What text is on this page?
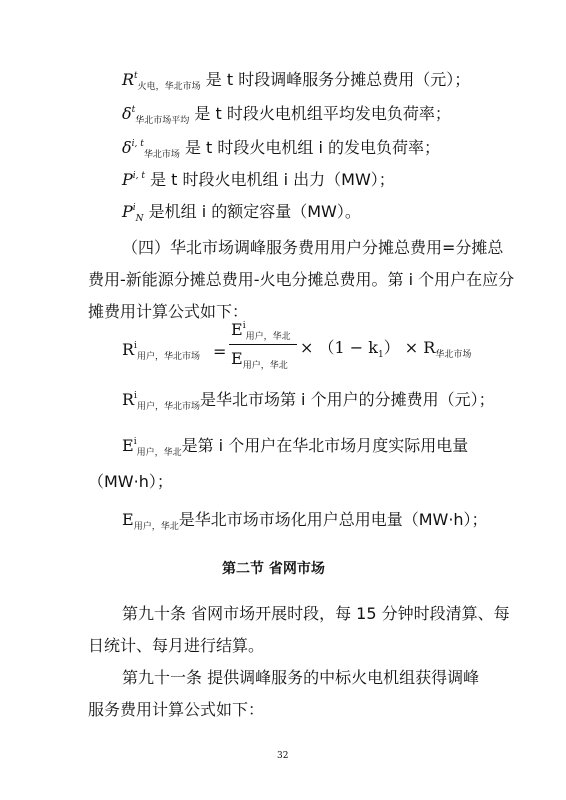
$R^t_{火电,华北市场}$ 是 t 时段调峰服务分摊总费用（元）；
$\delta^t_{华北市场平均}$ 是 t 时段火电机组平均发电负荷率；
$\delta^{i, t}_{华北市场}$ 是 t 时段火电机组 i 的发电负荷率；
P$^{i, t}$ 是 t 时段火电机组 i 出力（MW）；
$P^i_N$ 是机组 i 的额定容量（MW）。
（四）华北市场调峰服务费用用户分摊总费用=分摊总
费用-新能源分摊总费用-火电分摊总费用。第 i 个用户在应分
摊费用计算公式如下：
$R^i_{用户,华北市场}$ =
$E^i_{用户,华北}$
$E_{用户,华北}$
× $(1 - k_1) \times R_{华北市场}$
$R^i_{用户,华北市场}$是华北市场第 i 个用户的分摊费用（元）；
$E^i_{用户,华北}$是第 i 个用户在华北市场月度实际用电量
（MW·h）；
$E_{用户,华北}$是华北市场市场化用户总用电量（MW·h）；
第二节 省网市场
第九十条 省网市场开展时段，每 15 分钟时段清算、每
日统计、每月进行结算。
第九十一条 提供调峰服务的中标火电机组获得调峰
服务费用计算公式如下：
32
